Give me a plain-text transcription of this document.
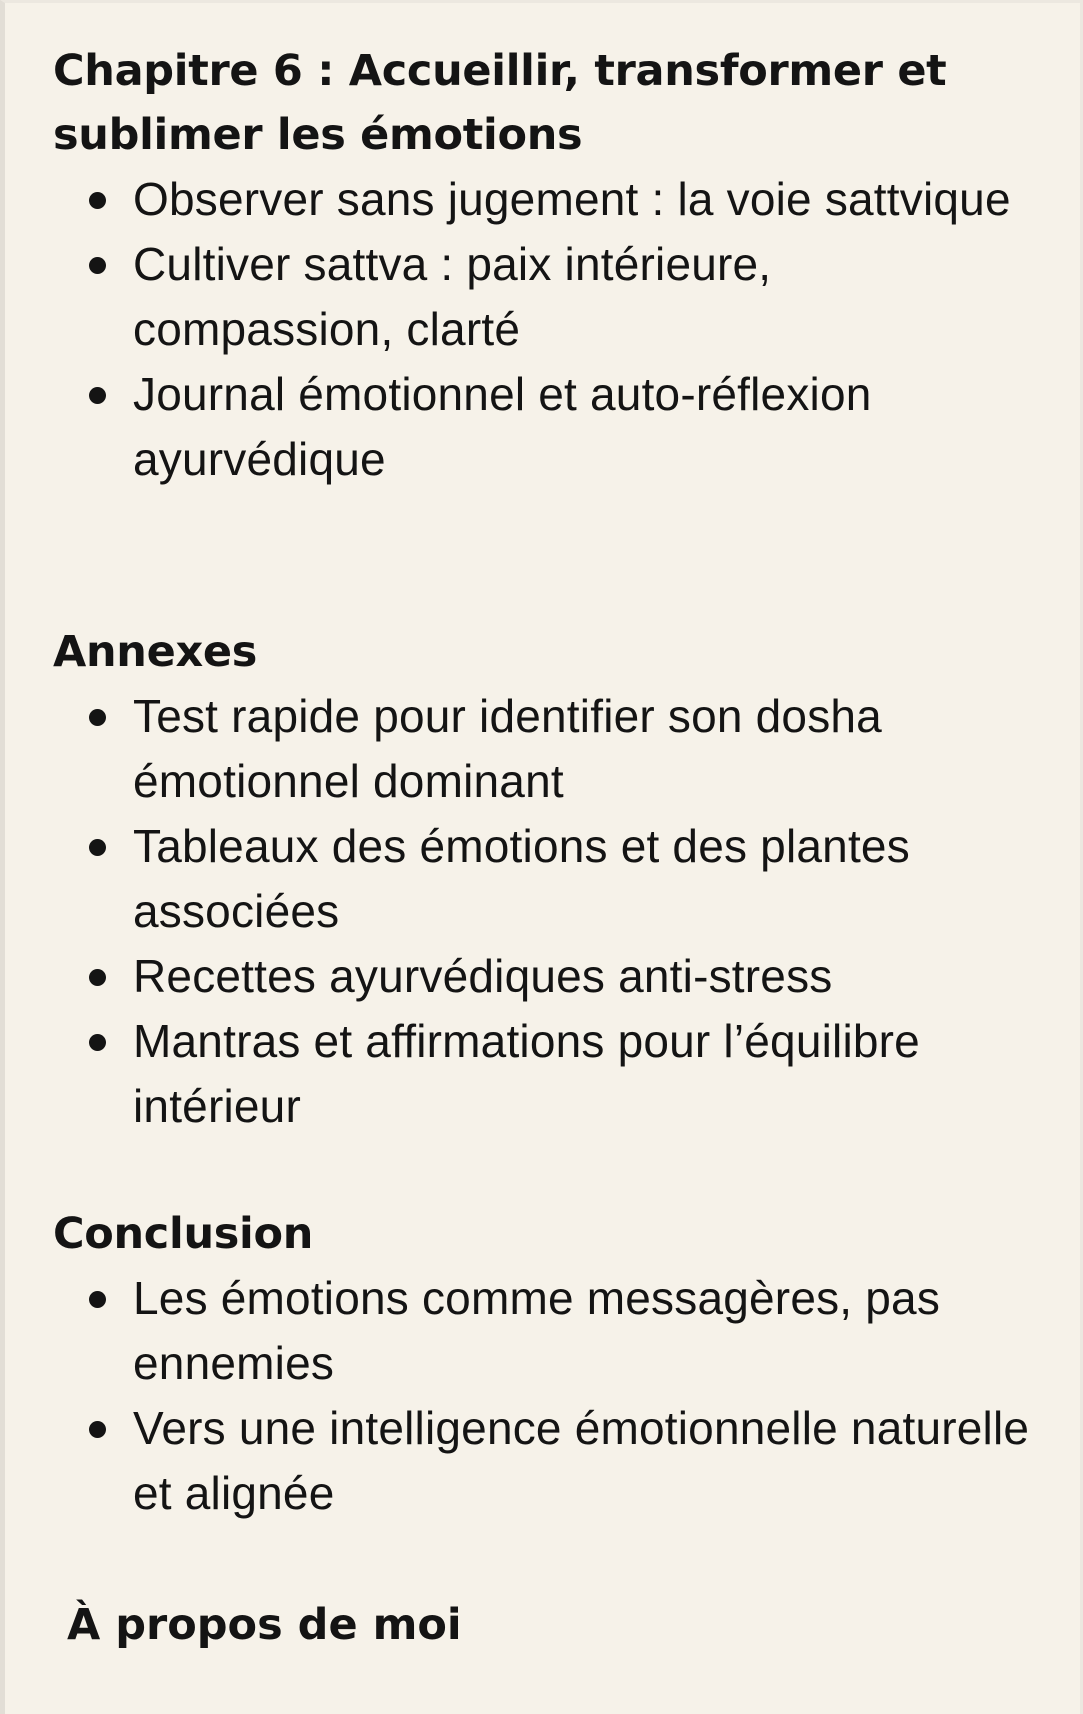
Chapitre 6 : Accueillir, transformer et sublimer les émotions
Observer sans jugement : la voie sattvique
Cultiver sattva : paix intérieure, compassion, clarté
Journal émotionnel et auto-réflexion ayurvédique
Annexes
Test rapide pour identifier son dosha émotionnel dominant
Tableaux des émotions et des plantes associées
Recettes ayurvédiques anti-stress
Mantras et affirmations pour l’équilibre intérieur
Conclusion
Les émotions comme messagères, pas ennemies
Vers une intelligence émotionnelle naturelle et alignée
À propos de moi
